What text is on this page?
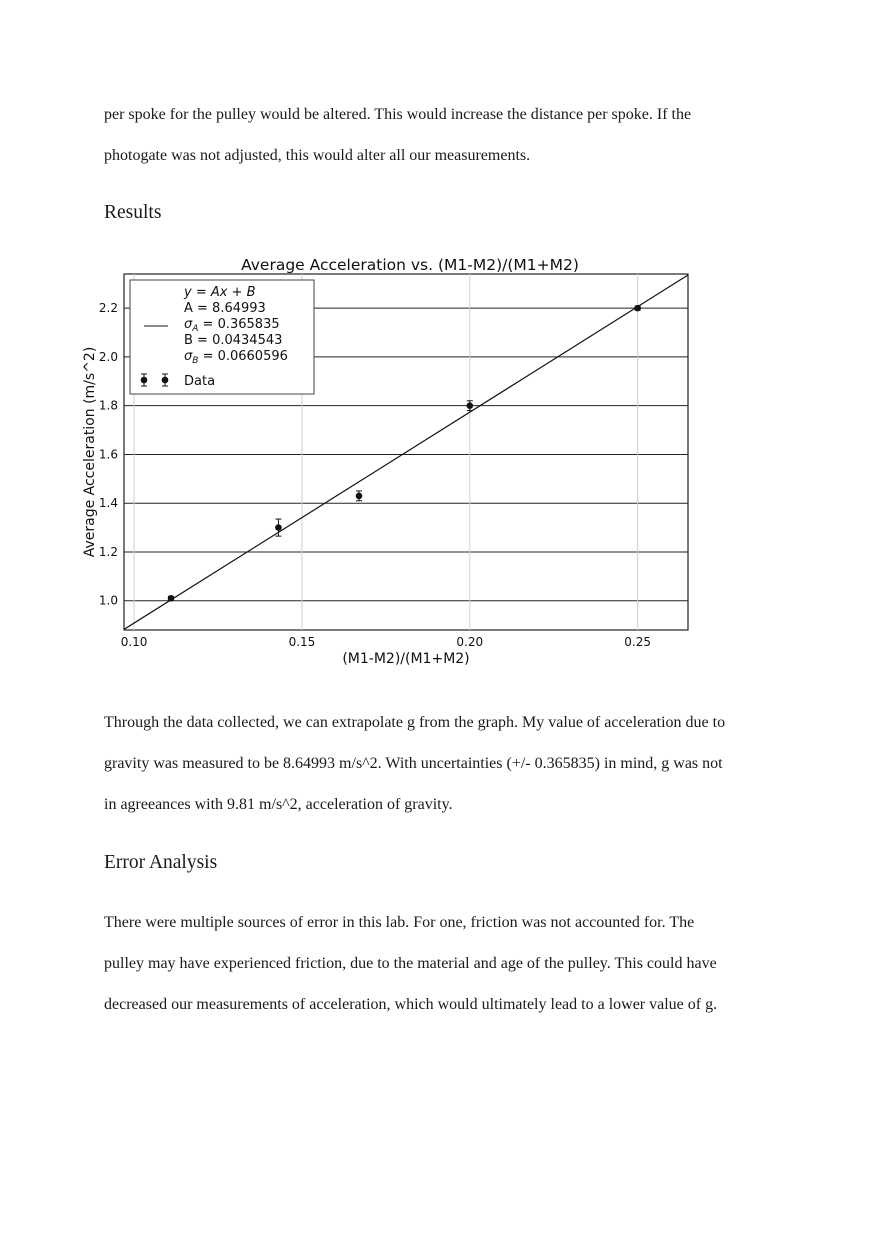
per spoke for the pulley would be altered. This would increase the distance per spoke. If the
photogate was not adjusted, this would alter all our measurements.

Results
Average Acceleration vs. (M1-M2)/(M1+M2)
1.0
1.2
1.4
1.6
1.8
2.0
2.2
0.10	0.15	0.20	0.25
(M1-M2)/(M1+M2)
Average Acceleration (m/s^2)
y = Ax + B
A = 8.64993
$\sigma_A = 0.365835$
B = 0.0434543
$\sigma_B = 0.0660596$
Data

Through the data collected, we can extrapolate g from the graph. My value of acceleration due to
gravity was measured to be 8.64993 m/s^2. With uncertainties (+/- 0.365835) in mind, g was not
in agreeances with 9.81 m/s^2, acceleration of gravity.

Error Analysis

There were multiple sources of error in this lab. For one, friction was not accounted for. The
pulley may have experienced friction, due to the material and age of the pulley. This could have
decreased our measurements of acceleration, which would ultimately lead to a lower value of g.
